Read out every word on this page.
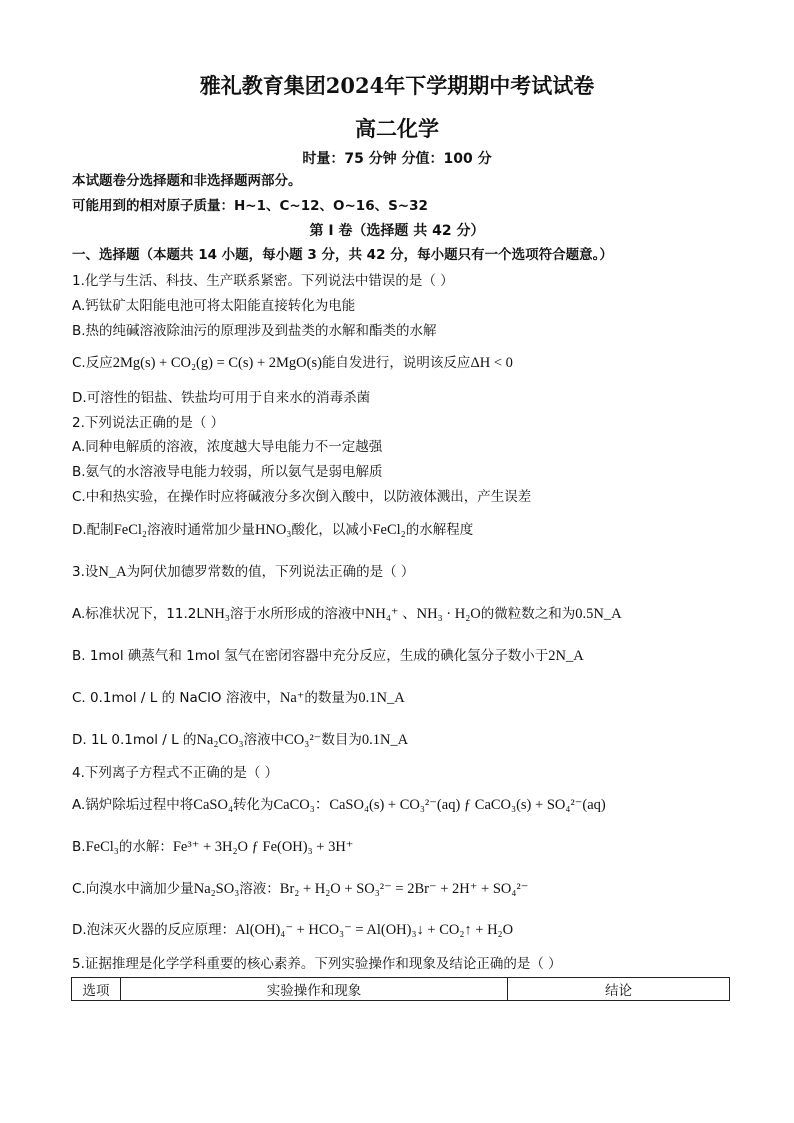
雅礼教育集团2024年下学期期中考试试卷
高二化学
时量：75 分钟 分值：100 分
本试题卷分选择题和非选择题两部分。
可能用到的相对原子质量：H~1、C~12、O~16、S~32
第 I 卷（选择题 共 42 分）
一、选择题（本题共 14 小题，每小题 3 分，共 42 分，每小题只有一个选项符合题意。）
1.化学与生活、科技、生产联系紧密。下列说法中错误的是（ ）
A.钙钛矿太阳能电池可将太阳能直接转化为电能
B.热的纯碱溶液除油污的原理涉及到盐类的水解和酯类的水解
C.反应2Mg(s) + CO₂(g) = C(s) + 2MgO(s)能自发进行，说明该反应ΔH < 0
D.可溶性的铝盐、铁盐均可用于自来水的消毒杀菌
2.下列说法正确的是（ ）
A.同种电解质的溶液，浓度越大导电能力不一定越强
B.氨气的水溶液导电能力较弱，所以氨气是弱电解质
C.中和热实验，在操作时应将碱液分多次倒入酸中，以防液体溅出，产生误差
D.配制FeCl₂溶液时通常加少量HNO₃酸化，以减小FeCl₂的水解程度
3.设N_A为阿伏加德罗常数的值，下列说法正确的是（ ）
A.标准状况下，11.2LNH₃溶于水所形成的溶液中NH₄⁺ 、NH₃ · H₂O的微粒数之和为0.5N_A
B. 1mol 碘蒸气和 1mol 氢气在密闭容器中充分反应，生成的碘化氢分子数小于2N_A
C. 0.1mol / L 的 NaClO 溶液中，Na⁺的数量为0.1N_A
D. 1L 0.1mol / L 的Na₂CO₃溶液中CO₃²⁻数目为0.1N_A
4.下列离子方程式不正确的是（ ）
A.锅炉除垢过程中将CaSO₄转化为CaCO₃：CaSO₄(s) + CO₃²⁻(aq) ƒ CaCO₃(s) + SO₄²⁻(aq)
B.FeCl₃的水解：Fe³⁺ + 3H₂O ƒ Fe(OH)₃ + 3H⁺
C.向溴水中滴加少量Na₂SO₃溶液：Br₂ + H₂O + SO₃²⁻ = 2Br⁻ + 2H⁺ + SO₄²⁻
D.泡沫灭火器的反应原理：Al(OH)₄⁻ + HCO₃⁻ = Al(OH)₃↓ + CO₂↑ + H₂O
5.证据推理是化学学科重要的核心素养。下列实验操作和现象及结论正确的是（ ）
选项	实验操作和现象	结论
